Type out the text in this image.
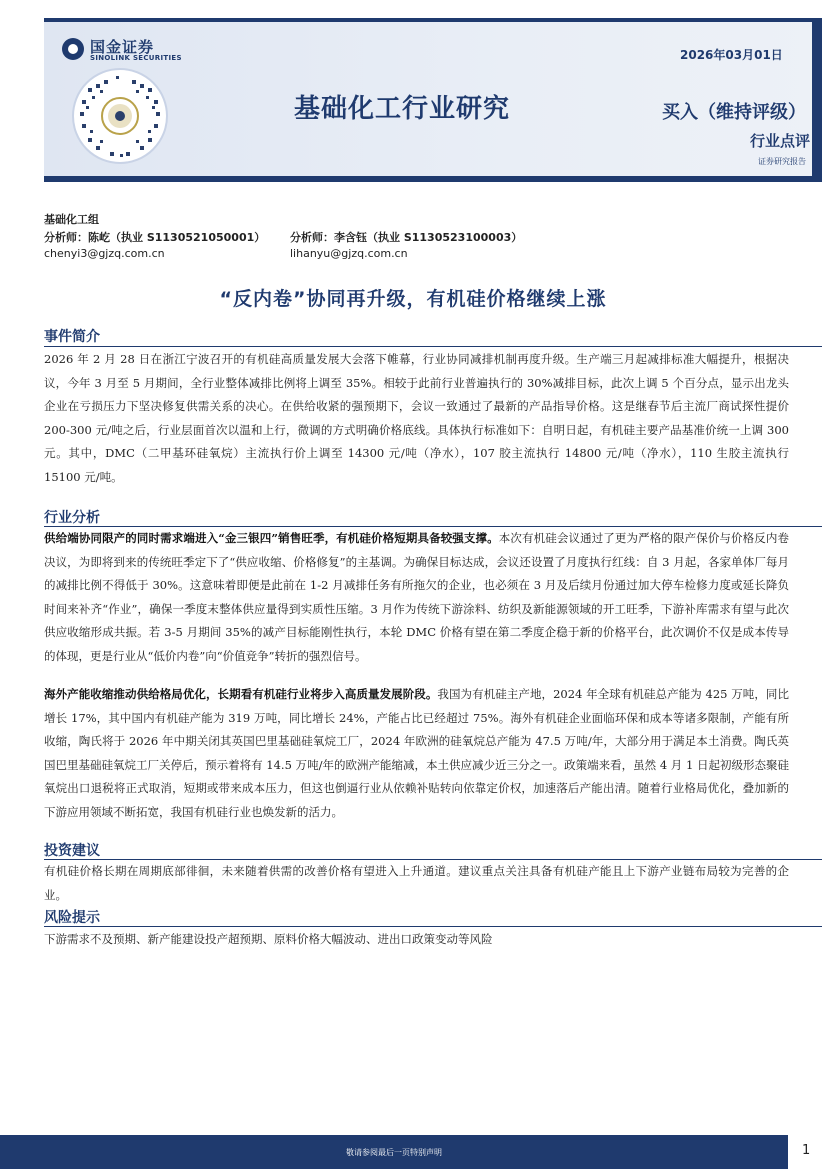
国金证券
SINOLINK SECURITIES	2026年03月01日
基础化工行业研究	买入（维持评级）
行业点评
证券研究报告
基础化工组
分析师：陈屹（执业 S1130521050001）
chenyi3@gjzq.com.cn
分析师：李含钰（执业 S1130523100003）
lihanyu@gjzq.com.cn
“反内卷”协同再升级，有机硅价格继续上涨
事件简介
2026 年 2 月 28 日在浙江宁波召开的有机硅高质量发展大会落下帷幕，行业协同减排机制再度升级。生产端三月起减排标准大幅提升，根据决议，今年 3 月至 5 月期间，全行业整体减排比例将上调至 35%。相较于此前行业普遍执行的 30%减排目标，此次上调 5 个百分点，显示出龙头企业在亏损压力下坚决修复供需关系的决心。在供给收紧的强预期下，会议一致通过了最新的产品指导价格。这是继春节后主流厂商试探性提价 200-300 元/吨之后，行业层面首次以温和上行，微调的方式明确价格底线。具体执行标准如下：自明日起，有机硅主要产品基准价统一上调 300 元。其中，DMC（二甲基环硅氧烷）主流执行价上调至 14300 元/吨（净水），107 胶主流执行 14800 元/吨（净水），110 生胶主流执行 15100 元/吨。
行业分析
供给端协同限产的同时需求端进入“金三银四”销售旺季，有机硅价格短期具备较强支撑。本次有机硅会议通过了更为严格的限产保价与价格反内卷决议，为即将到来的传统旺季定下了“供应收缩、价格修复”的主基调。为确保目标达成，会议还设置了月度执行红线：自 3 月起，各家单体厂每月的减排比例不得低于 30%。这意味着即便是此前在 1-2 月减排任务有所拖欠的企业，也必须在 3 月及后续月份通过加大停车检修力度或延长降负时间来补齐“作业”，确保一季度末整体供应量得到实质性压缩。3 月作为传统下游涂料、纺织及新能源领域的开工旺季，下游补库需求有望与此次供应收缩形成共振。若 3-5 月期间 35%的减产目标能刚性执行，本轮 DMC 价格有望在第二季度企稳于新的价格平台，此次调价不仅是成本传导的体现，更是行业从“低价内卷”向“价值竞争”转折的强烈信号。
海外产能收缩推动供给格局优化，长期看有机硅行业将步入高质量发展阶段。我国为有机硅主产地，2024 年全球有机硅总产能为 425 万吨，同比增长 17%，其中国内有机硅产能为 319 万吨，同比增长 24%，产能占比已经超过 75%。海外有机硅企业面临环保和成本等诸多限制，产能有所收缩，陶氏将于 2026 年中期关闭其英国巴里基础硅氧烷工厂，2024 年欧洲的硅氧烷总产能为 47.5 万吨/年，大部分用于满足本土消费。陶氏英国巴里基础硅氧烷工厂关停后，预示着将有 14.5 万吨/年的欧洲产能缩减，本土供应减少近三分之一。政策端来看，虽然 4 月 1 日起初级形态聚硅氧烷出口退税将正式取消，短期或带来成本压力，但这也倒逼行业从依赖补贴转向依靠定价权，加速落后产能出清。随着行业格局优化，叠加新的下游应用领域不断拓宽，我国有机硅行业也焕发新的活力。
投资建议
有机硅价格长期在周期底部徘徊，未来随着供需的改善价格有望进入上升通道。建议重点关注具备有机硅产能且上下游产业链布局较为完善的企业。
风险提示
下游需求不及预期、新产能建设投产超预期、原料价格大幅波动、进出口政策变动等风险
敬请参阅最后一页特别声明	1
